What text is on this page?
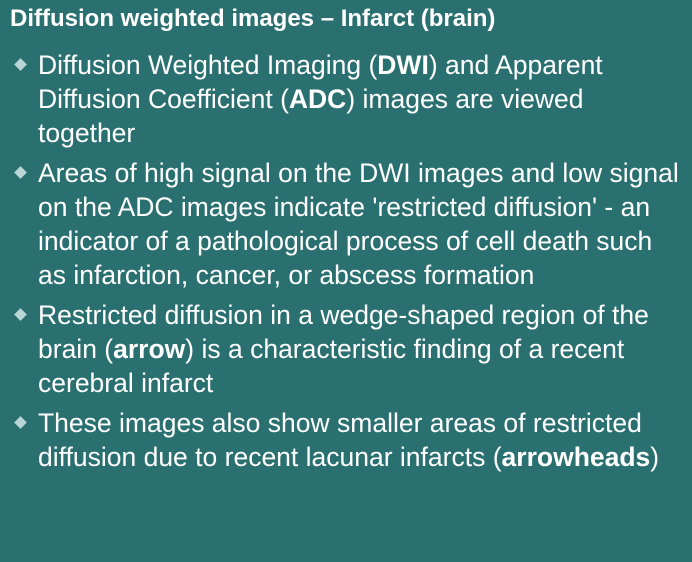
Diffusion weighted images – Infarct (brain)
Diffusion Weighted Imaging (DWI) and Apparent Diffusion Coefficient (ADC) images are viewed together
Areas of high signal on the DWI images and low signal on the ADC images indicate 'restricted diffusion' - an indicator of a pathological process of cell death such as infarction, cancer, or abscess formation
Restricted diffusion in a wedge-shaped region of the brain (arrow) is a characteristic finding of a recent cerebral infarct
These images also show smaller areas of restricted diffusion due to recent lacunar infarcts (arrowheads)
